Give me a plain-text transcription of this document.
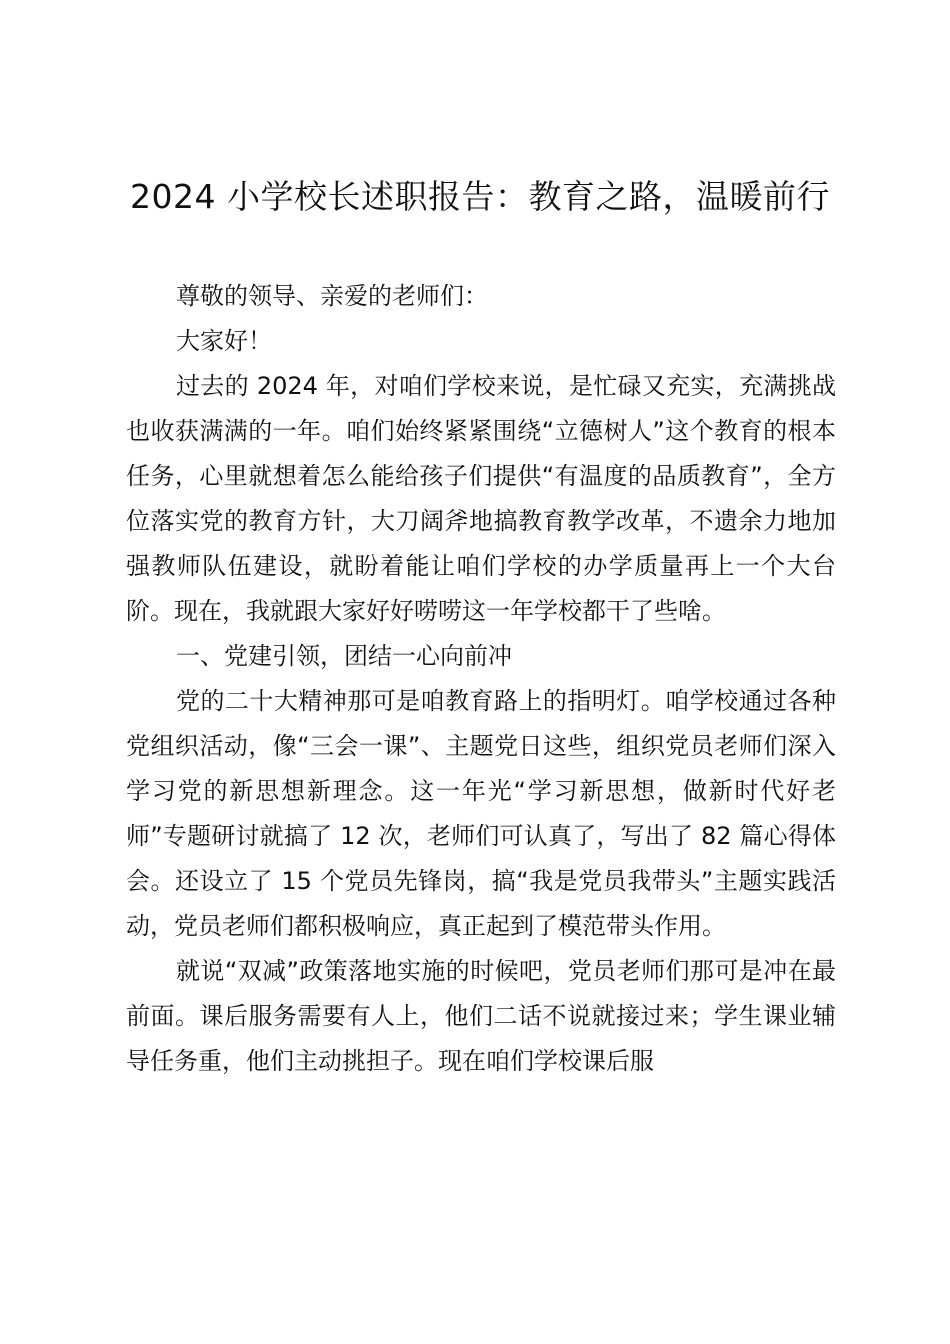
2024 小学校长述职报告：教育之路，温暖前行

尊敬的领导、亲爱的老师们：

大家好！

过去的 2024 年，对咱们学校来说，是忙碌又充实，充满挑战也收获满满的一年。咱们始终紧紧围绕“立德树人”这个教育的根本任务，心里就想着怎么能给孩子们提供“有温度的品质教育”，全方位落实党的教育方针，大刀阔斧地搞教育教学改革，不遗余力地加强教师队伍建设，就盼着能让咱们学校的办学质量再上一个大台阶。现在，我就跟大家好好唠唠这一年学校都干了些啥。

一、党建引领，团结一心向前冲

党的二十大精神那可是咱教育路上的指明灯。咱学校通过各种党组织活动，像“三会一课”、主题党日这些，组织党员老师们深入学习党的新思想新理念。这一年光“学习新思想，做新时代好老师”专题研讨就搞了 12 次，老师们可认真了，写出了 82 篇心得体会。还设立了 15 个党员先锋岗，搞“我是党员我带头”主题实践活动，党员老师们都积极响应，真正起到了模范带头作用。

就说“双减”政策落地实施的时候吧，党员老师们那可是冲在最前面。课后服务需要有人上，他们二话不说就接过来；学生课业辅导任务重，他们主动挑担子。现在咱们学校课后服
